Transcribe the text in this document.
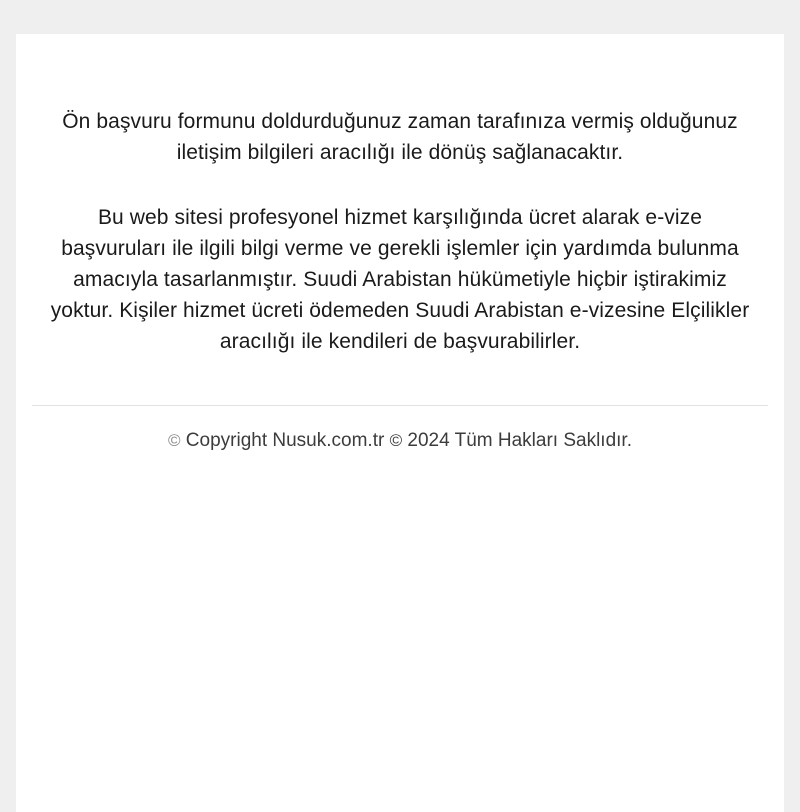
Ön başvuru formunu doldurduğunuz zaman tarafınıza vermiş olduğunuz iletişim bilgileri aracılığı ile dönüş sağlanacaktır.

Bu web sitesi profesyonel hizmet karşılığında ücret alarak e-vize başvuruları ile ilgili bilgi verme ve gerekli işlemler için yardımda bulunma amacıyla tasarlanmıştır. Suudi Arabistan hükümetiyle hiçbir iştirakimiz yoktur. Kişiler hizmet ücreti ödemeden Suudi Arabistan e-vizesine Elçilikler aracılığı ile kendileri de başvurabilirler.

© Copyright Nusuk.com.tr © 2024 Tüm Hakları Saklıdır.
